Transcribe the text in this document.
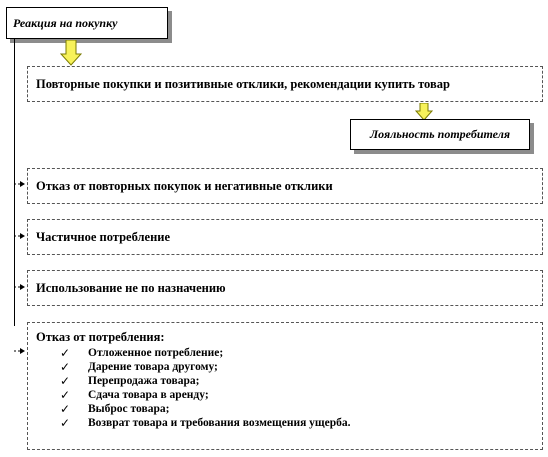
Реакция на покупку
Повторные покупки и позитивные отклики, рекомендации купить товар
Лояльность потребителя
Отказ от повторных покупок и негативные отклики
Частичное потребление
Использование не по назначению
Отказ от потребления:
✓ Отложенное потребление;
✓ Дарение товара другому;
✓ Перепродажа товара;
✓ Сдача товара в аренду;
✓ Выброс товара;
✓ Возврат товара и требования возмещения ущерба.
